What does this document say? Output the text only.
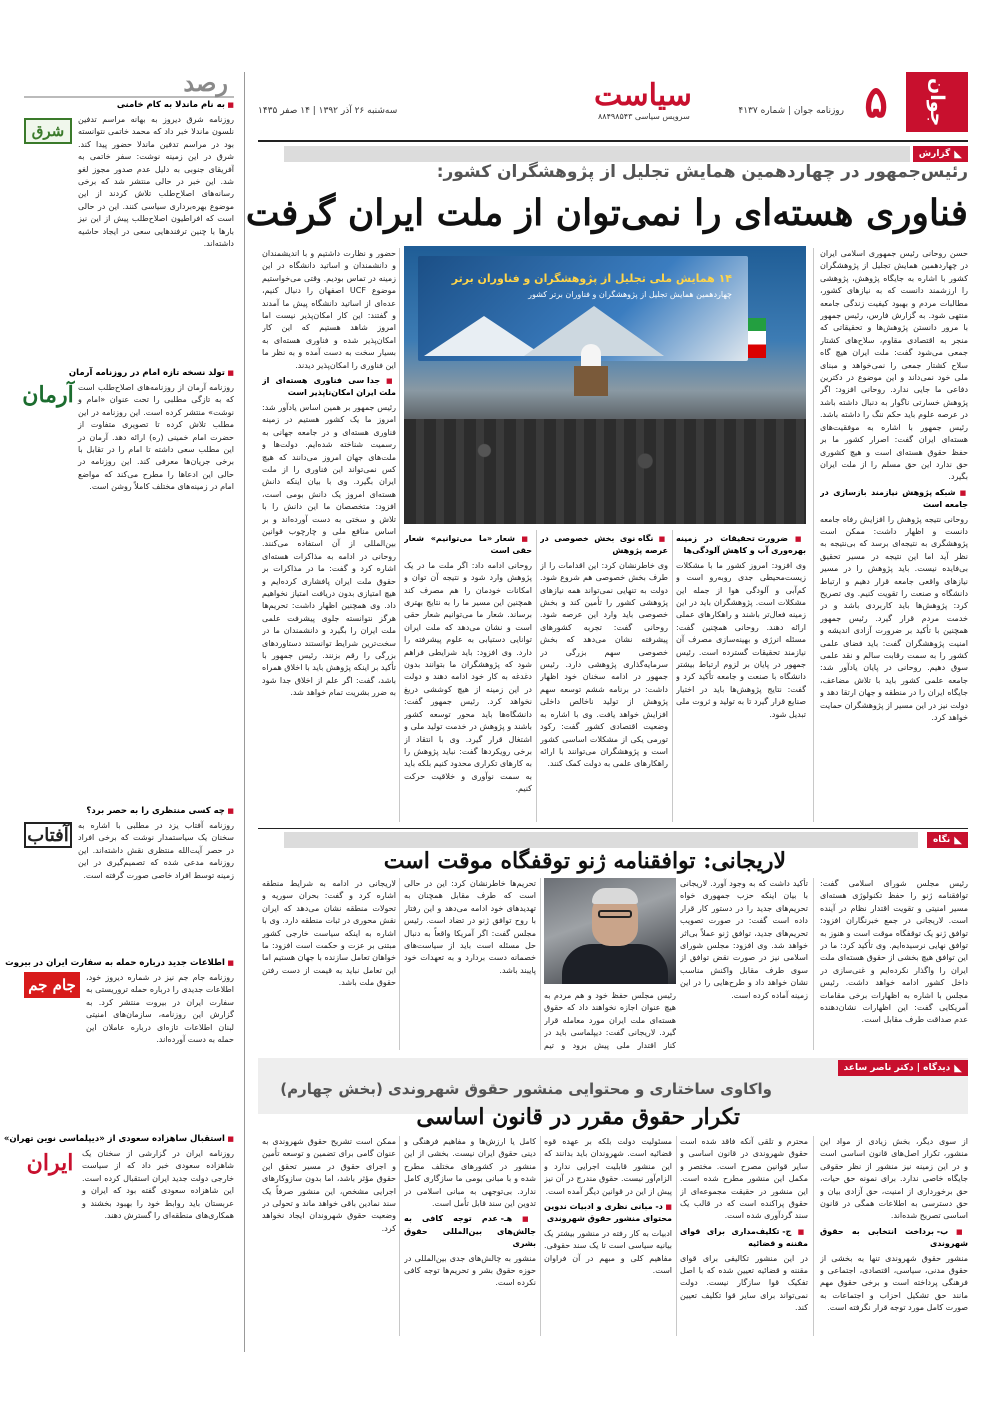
جوان
۵
روزنامه جوان | شماره ۴۱۳۷
سیاست
سرویس سیاسی ۸۸۴۹۸۵۴۳
سه‌شنبه ۲۶ آذر ۱۳۹۲ | ۱۴ صفر ۱۴۳۵
رصد
◣
گزارش
رئیس‌جمهور در چهاردهمین همایش تجلیل از پژوهشگران کشور:
فناوری هسته‌ای را نمی‌توان از ملت ایران گرفت
۱۴ همایش ملی تجلیل از پژوهشگران و فناوران برتر
چهاردهمین همایش تجلیل از پژوهشگران و فناوران برتر کشور

حسن روحانی رئیس جمهوری اسلامی ایران در چهاردهمین همایش تجلیل از پژوهشگران کشور با اشاره به جایگاه پژوهش، پژوهشی را ارزشمند دانست که به نیازهای کشور، مطالبات مردم و بهبود کیفیت زندگی جامعه منتهی شود. به گزارش فارس، رئیس جمهور با مرور دانستن پژوهش‌ها و تحقیقاتی که منجر به اقتصادی مقاوم، سلاح‌های کشتار جمعی می‌شود گفت: ملت ایران هیچ گاه سلاح کشتار جمعی را نمی‌خواهد و مبنای ملی خود نمی‌داند و این موضوع در دکترین دفاعی ما جایی ندارد. روحانی افزود: اگر پژوهش خسارتی ناگوار به دنبال داشته باشد در عرصه علوم باید حکم ننگ را داشته باشد. رئیس جمهور با اشاره به موفقیت‌های هسته‌ای ایران گفت: اصرار کشور ما بر حفظ حقوق هسته‌ای است و هیچ کشوری حق ندارد این حق مسلم را از ملت ایران بگیرد.

■ شبکه پژوهش نیازمند بازسازی در جامعه است

روحانی نتیجه پژوهش را افزایش رفاه جامعه دانست و اظهار داشت: ممکن است پژوهشگری به نتیجه‌ای برسد که بی‌نتیجه به نظر آید اما این نتیجه در مسیر تحقیق بی‌فایده نیست. باید پژوهش را در مسیر نیازهای واقعی جامعه قرار دهیم و ارتباط دانشگاه و صنعت را تقویت کنیم. وی تصریح کرد: پژوهش‌ها باید کاربردی باشد و در خدمت مردم قرار گیرد. رئیس جمهور همچنین با تأکید بر ضرورت آزادی اندیشه و امنیت پژوهشگران گفت: باید فضای علمی کشور را به سمت رقابت سالم و نقد علمی سوق دهیم. روحانی در پایان یادآور شد: جامعه علمی کشور باید با تلاش مضاعف، جایگاه ایران را در منطقه و جهان ارتقا دهد و دولت نیز در این مسیر از پژوهشگران حمایت خواهد کرد.

حضور و نظارت داشتیم و با اندیشمندان و دانشمندان و اساتید دانشگاه در این زمینه در تماس بودیم. وقتی می‌خواستیم موضوع UCF اصفهان را دنبال کنیم، عده‌ای از اساتید دانشگاه پیش ما آمدند و گفتند: این کار امکان‌پذیر نیست اما امروز شاهد هستیم که این کار امکان‌پذیر شده و فناوری هسته‌ای به بسیار سخت به دست آمده و به نظر ما این فناوری را امکان‌پذیر دیدند.

■ جدا سی فناوری هسته‌ای از ملت ایران امکان‌ناپذیر است

رئیس جمهور بر همین اساس یادآور شد: امروز ما یک کشور هستیم در زمینه فناوری هسته‌ای و در جامعه جهانی به رسمیت شناخته شده‌ایم. دولت‌ها و ملت‌های جهان امروز می‌دانند که هیچ کس نمی‌تواند این فناوری را از ملت ایران بگیرد. وی با بیان اینکه دانش هسته‌ای امروز یک دانش بومی است، افزود: متخصصان ما این دانش را با تلاش و سختی به دست آورده‌اند و بر اساس منافع ملی و چارچوب قوانین بین‌المللی از آن استفاده می‌کنند. روحانی در ادامه به مذاکرات هسته‌ای اشاره کرد و گفت: ما در مذاکرات بر حقوق ملت ایران پافشاری کرده‌ایم و هیچ امتیازی بدون دریافت امتیاز نخواهیم داد. وی همچنین اظهار داشت: تحریم‌ها هرگز نتوانسته جلوی پیشرفت علمی ملت ایران را بگیرد و دانشمندان ما در سخت‌ترین شرایط توانستند دستاوردهای بزرگی را رقم بزنند. رئیس جمهور با تأکید بر اینکه پژوهش باید با اخلاق همراه باشد، گفت: اگر علم از اخلاق جدا شود به ضرر بشریت تمام خواهد شد.

■ شعار «ما می‌توانیم» شعار حقی است

روحانی ادامه داد: اگر ملت ما در یک پژوهش وارد شود و نتیجه آن توان و امکانات خودمان را هم مصرف کند همچنین این مسیر ما را به نتایج بهتری برساند. شعار ما می‌توانیم شعار حقی است و نشان می‌دهد که ملت ایران توانایی دستیابی به علوم پیشرفته را دارد. وی افزود: باید شرایطی فراهم شود که پژوهشگران ما بتوانند بدون دغدغه به کار خود ادامه دهند و دولت در این زمینه از هیچ کوششی دریغ نخواهد کرد. رئیس جمهور گفت: دانشگاه‌ها باید محور توسعه کشور باشند و پژوهش در خدمت تولید ملی و اشتغال قرار گیرد. وی با انتقاد از برخی رویکردها گفت: نباید پژوهش را به کارهای تکراری محدود کنیم بلکه باید به سمت نوآوری و خلاقیت حرکت کنیم.

■ نگاه‌ نوی بخش خصوصی در عرصه پژوهش

وی خاطرنشان کرد: این اقدامات را از طرف بخش خصوصی هم شروع شود. دولت به تنهایی نمی‌تواند همه نیازهای پژوهشی کشور را تأمین کند و بخش خصوصی باید وارد این عرصه شود. روحانی گفت: تجربه کشورهای پیشرفته نشان می‌دهد که بخش خصوصی سهم بزرگی در سرمایه‌گذاری پژوهشی دارد. رئیس جمهور در ادامه سخنان خود اظهار داشت: در برنامه ششم توسعه سهم پژوهش از تولید ناخالص داخلی افزایش خواهد یافت. وی با اشاره به وضعیت اقتصادی کشور گفت: رکود تورمی یکی از مشکلات اساسی کشور است و پژوهشگران می‌توانند با ارائه راهکارهای علمی به دولت کمک کنند.

■ ضرورت تحقیقات در زمینه بهره‌وری آب و کاهش آلودگی‌ها

وی افزود: امروز کشور ما با مشکلات زیست‌محیطی جدی روبه‌رو است و کم‌آبی و آلودگی هوا از جمله این مشکلات است. پژوهشگران باید در این زمینه فعال‌تر باشند و راهکارهای عملی ارائه دهند. روحانی همچنین گفت: مسئله انرژی و بهینه‌سازی مصرف آن نیازمند تحقیقات گسترده است. رئیس جمهور در پایان بر لزوم ارتباط بیشتر دانشگاه با صنعت و جامعه تأکید کرد و گفت: نتایج پژوهش‌ها باید در اختیار صنایع قرار گیرد تا به تولید و ثروت ملی تبدیل شود.

◣
نگاه
لاریجانی: توافقنامه ژنو توقفگاه موقت است

رئیس مجلس شورای اسلامی گفت: توافقنامه ژنو را حفظ تکنولوژی هسته‌ای مسیر امنیتی و تقویت اقتدار نظام در آینده است. لاریجانی در جمع خبرنگاران افزود: توافق ژنو یک توقفگاه موقت است و هنوز به توافق نهایی نرسیده‌ایم. وی تأکید کرد: ما در این توافق هیچ بخشی از حقوق هسته‌ای ملت ایران را واگذار نکرده‌ایم و غنی‌سازی در داخل کشور ادامه خواهد داشت. رئیس مجلس با اشاره به اظهارات برخی مقامات آمریکایی گفت: این اظهارات نشان‌دهنده عدم صداقت طرف مقابل است.

تأکید داشت که به وجود آورد. لاریجانی با بیان اینکه حزب جمهوری خواه تحریم‌های جدید را در دستور کار قرار داده است گفت: در صورت تصویب تحریم‌های جدید، توافق ژنو عملاً بی‌اثر خواهد شد. وی افزود: مجلس شورای اسلامی نیز در صورت نقض توافق از سوی طرف مقابل واکنش مناسب نشان خواهد داد و طرح‌هایی را در این زمینه آماده کرده است.

رئیس مجلس حفظ خود و هم مردم به هیچ عنوان اجازه نخواهند داد که حقوق هسته‌ای ملت ایران مورد معامله قرار گیرد. لاریجانی گفت: دیپلماسی باید در کنار اقتدار ملی پیش برود و تیم

تحریم‌ها خاطرنشان کرد: این در حالی است که طرف مقابل همچنان به تهدیدهای خود ادامه می‌دهد و این رفتار با روح توافق ژنو در تضاد است. رئیس مجلس گفت: اگر آمریکا واقعاً به دنبال حل مسئله است باید از سیاست‌های خصمانه دست بردارد و به تعهدات خود پایبند باشد.

لاریجانی در ادامه به شرایط منطقه اشاره کرد و گفت: بحران سوریه و تحولات منطقه نشان می‌دهد که ایران نقش محوری در ثبات منطقه دارد. وی با اشاره به اینکه سیاست خارجی کشور مبتنی بر عزت و حکمت است افزود: ما خواهان تعامل سازنده با جهان هستیم اما این تعامل نباید به قیمت از دست رفتن حقوق ملت باشد.

◣
دیدگاه | دکتر ناصر ساعد
واکاوی ساختاری و محتوایی منشور حقوق شهروندی (بخش چهارم)
تکرار حقوق مقرر در قانون اساسی

از سوی دیگر، بخش زیادی از مواد این منشور، تکرار اصل‌های قانون اساسی است و در این زمینه نیز منشور از نظر حقوقی جایگاه خاصی ندارد. برای نمونه حق حیات، حق برخورداری از امنیت، حق آزادی بیان و حق دسترسی به اطلاعات همگی در قانون اساسی تصریح شده‌اند.

■ ب- برداخت انتخابی به حقوق شهروندی

منشور حقوق شهروندی تنها به بخشی از حقوق مدنی، سیاسی، اقتصادی، اجتماعی و فرهنگی پرداخته است و برخی حقوق مهم مانند حق تشکیل احزاب و اجتماعات به صورت کامل مورد توجه قرار نگرفته است.

محترم و تلقی آنکه فاقد شده است حقوق شهروندی در قانون اساسی و سایر قوانین مصرح است. مختصر و مکمل این منشور مطرح شده است. این منشور در حقیقت مجموعه‌ای از حقوق پراکنده است که در قالب یک سند گردآوری شده است.

■ ج- تکلیف‌مداری برای قوای مقننه و قضائیه

در این منشور تکالیفی برای قوای مقننه و قضائیه تعیین شده که با اصل تفکیک قوا سازگار نیست. دولت نمی‌تواند برای سایر قوا تکلیف تعیین کند.

مسئولیت دولت بلکه بر عهده قوه قضائیه است. شهروندان باید بدانند که این منشور قابلیت اجرایی ندارد و الزام‌آور نیست. حقوق مندرج در آن نیز پیش از این در قوانین دیگر آمده است.

■ د- مبانی نظری و ادبیات ندوین محتوای منشور حقوق شهروندی

ادبیات به کار رفته در منشور بیشتر یک بیانیه سیاسی است تا یک سند حقوقی. مفاهیم کلی و مبهم در آن فراوان است.

کامل یا ارزش‌ها و مفاهیم فرهنگی و دینی حقوق ایران نیست. بخشی از این منشور در کشورهای مختلف مطرح شده و با مبانی بومی ما سازگاری کامل ندارد. بی‌توجهی به مبانی اسلامی در تدوین این سند قابل تأمل است.

■ هـ- عدم توجه کافی به جالش‌های بین‌المللی حقوق بشری

منشور به چالش‌های جدی بین‌المللی در حوزه حقوق بشر و تحریم‌ها توجه کافی نکرده است.

ممکن است تشریح حقوق شهروندی به عنوان گامی برای تضمین و توسعه تأمین و اجرای حقوق در مسیر تحقق این حقوق مؤثر باشد، اما بدون سازوکارهای اجرایی مشخص، این منشور صرفاً یک سند نمادین باقی خواهد ماند و تحولی در وضعیت حقوق شهروندان ایجاد نخواهد کرد.

■ به نام ماندلا به کام خامنی
شرق

روزنامه شرق دیروز به بهانه مراسم تدفین نلسون ماندلا خبر داد که محمد خاتمی نتوانسته بود در مراسم تدفین ماندلا حضور پیدا کند. شرق در این زمینه نوشت: سفر خاتمی به آفریقای جنوبی به دلیل عدم صدور مجوز لغو شد. این خبر در حالی منتشر شد که برخی رسانه‌های اصلاح‌طلب تلاش کردند از این موضوع بهره‌برداری سیاسی کنند. این در حالی است که افراطیون اصلاح‌طلب پیش از این نیز بارها با چنین ترفندهایی سعی در ایجاد حاشیه داشته‌اند.

■ تولد نسخه تازه امام در روزنامه آرمان
آرمان روزنامه آرمان از روزنامه‌های اصلاح‌طلب است که به تازگی مطلبی را تحت عنوان «امام و نوشت» منتشر کرده است. این روزنامه در این مطلب تلاش کرده تا تصویری متفاوت از حضرت امام خمینی (ره) ارائه دهد. آرمان در این مطلب سعی داشته تا امام را در تقابل با برخی جریان‌ها معرفی کند. این روزنامه در حالی این ادعاها را مطرح می‌کند که مواضع امام در زمینه‌های مختلف کاملاً روشن است.

■ چه کسی منتظری را به حصر برد؟
آفتاب	روزنامه آفتاب یزد در مطلبی با اشاره به سخنان یک سیاستمدار نوشت که برخی افراد در حصر آیت‌الله منتظری نقش داشته‌اند. این روزنامه مدعی شده که تصمیم‌گیری در این زمینه توسط افراد خاصی صورت گرفته است.

■ اطلاعات جدید درباره حمله به سفارت ایران در بیروت
جام جم	روزنامه جام جم نیز در شماره دیروز خود، اطلاعات جدیدی را درباره حمله تروریستی به سفارت ایران در بیروت منتشر کرد. به گزارش این روزنامه، سازمان‌های امنیتی لبنان اطلاعات تازه‌ای درباره عاملان این حمله به دست آورده‌اند.

■ استقبال ساهزاده سعودی از «دیپلماسی نوین تهران»
ایران	روزنامه ایران در گزارشی از سخنان یک شاهزاده سعودی خبر داد که از سیاست خارجی دولت جدید ایران استقبال کرده است. این شاهزاده سعودی گفته بود که ایران و عربستان باید روابط خود را بهبود بخشند و همکاری‌های منطقه‌ای را گسترش دهند.
